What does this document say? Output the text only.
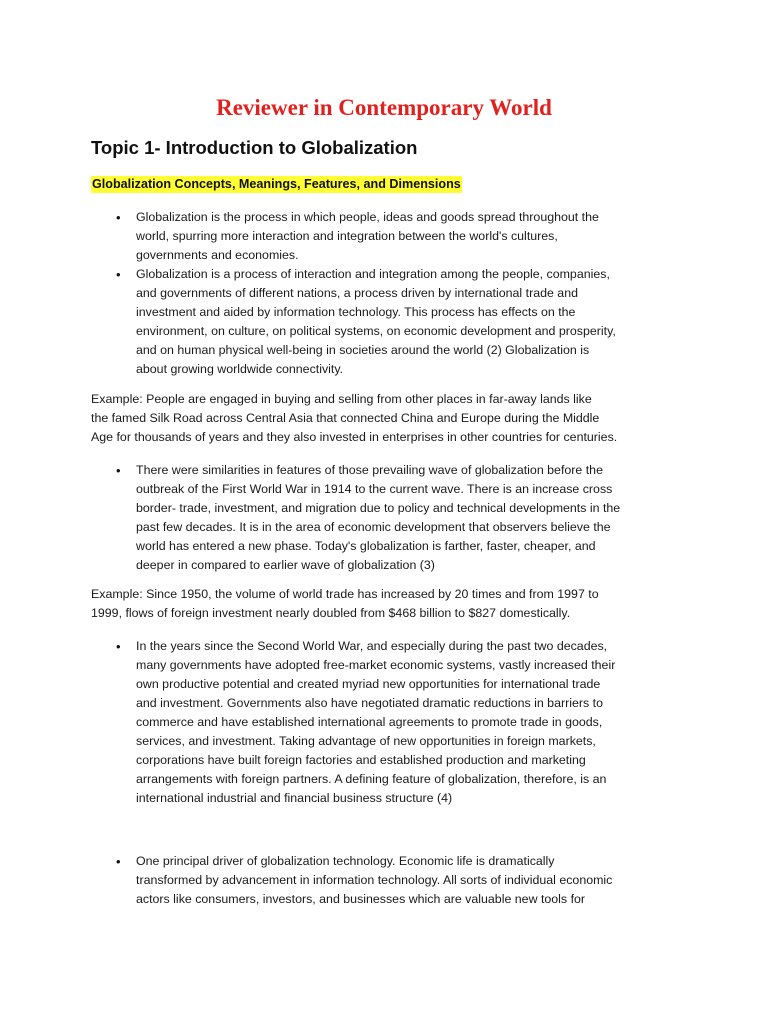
Reviewer in Contemporary World
Topic 1- Introduction to Globalization
Globalization Concepts, Meanings, Features, and Dimensions
• Globalization is the process in which people, ideas and goods spread throughout the
world, spurring more interaction and integration between the world's cultures,
governments and economies.
• Globalization is a process of interaction and integration among the people, companies,
and governments of different nations, a process driven by international trade and
investment and aided by information technology. This process has effects on the
environment, on culture, on political systems, on economic development and prosperity,
and on human physical well-being in societies around the world (2) Globalization is
about growing worldwide connectivity.
Example: People are engaged in buying and selling from other places in far-away lands like
the famed Silk Road across Central Asia that connected China and Europe during the Middle
Age for thousands of years and they also invested in enterprises in other countries for centuries.
• There were similarities in features of those prevailing wave of globalization before the
outbreak of the First World War in 1914 to the current wave. There is an increase cross
border- trade, investment, and migration due to policy and technical developments in the
past few decades. It is in the area of economic development that observers believe the
world has entered a new phase. Today's globalization is farther, faster, cheaper, and
deeper in compared to earlier wave of globalization (3)
Example: Since 1950, the volume of world trade has increased by 20 times and from 1997 to
1999, flows of foreign investment nearly doubled from $468 billion to $827 domestically.
• In the years since the Second World War, and especially during the past two decades,
many governments have adopted free-market economic systems, vastly increased their
own productive potential and created myriad new opportunities for international trade
and investment. Governments also have negotiated dramatic reductions in barriers to
commerce and have established international agreements to promote trade in goods,
services, and investment. Taking advantage of new opportunities in foreign markets,
corporations have built foreign factories and established production and marketing
arrangements with foreign partners. A defining feature of globalization, therefore, is an
international industrial and financial business structure (4)
• One principal driver of globalization technology. Economic life is dramatically
transformed by advancement in information technology. All sorts of individual economic
actors like consumers, investors, and businesses which are valuable new tools for
